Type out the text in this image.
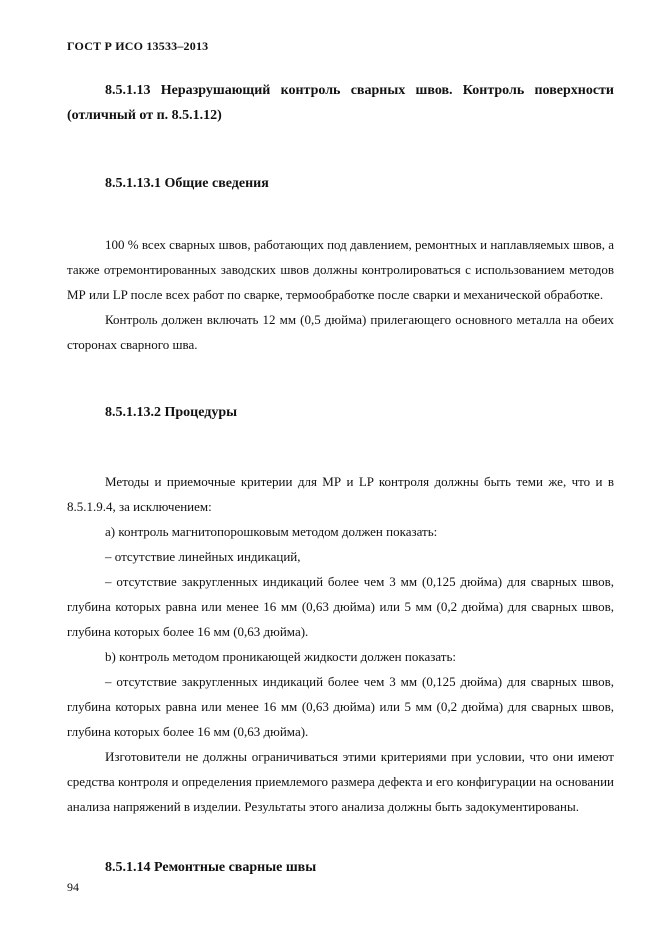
ГОСТ Р ИСО 13533–2013
8.5.1.13 Неразрушающий контроль сварных швов. Контроль поверхности (отличный от п. 8.5.1.12)
8.5.1.13.1 Общие сведения

100 % всех сварных швов, работающих под давлением, ремонтных и наплавляемых швов, а также отремонтированных заводских швов должны контролироваться с использованием методов МР или LP после всех работ по сварке, термообработке после сварки и механической обработке.

Контроль должен включать 12 мм (0,5 дюйма) прилегающего основного металла на обеих сторонах сварного шва.

8.5.1.13.2 Процедуры

Методы и приемочные критерии для МР и LP контроля должны быть теми же, что и в 8.5.1.9.4, за исключением:

а) контроль магнитопорошковым методом должен показать:

– отсутствие линейных индикаций,

– отсутствие закругленных индикаций более чем 3 мм (0,125 дюйма) для сварных швов, глубина которых равна или менее 16 мм (0,63 дюйма) или 5 мм (0,2 дюйма) для сварных швов, глубина которых более 16 мм (0,63 дюйма).

b) контроль методом проникающей жидкости должен показать:

– отсутствие закругленных индикаций более чем 3 мм (0,125 дюйма) для сварных швов, глубина которых равна или менее 16 мм (0,63 дюйма) или 5 мм (0,2 дюйма) для сварных швов, глубина которых более 16 мм (0,63 дюйма).

Изготовители не должны ограничиваться этими критериями при условии, что они имеют средства контроля и определения приемлемого размера дефекта и его конфигурации на основании анализа напряжений в изделии. Результаты этого анализа должны быть задокументированы.

8.5.1.14 Ремонтные сварные швы
94
